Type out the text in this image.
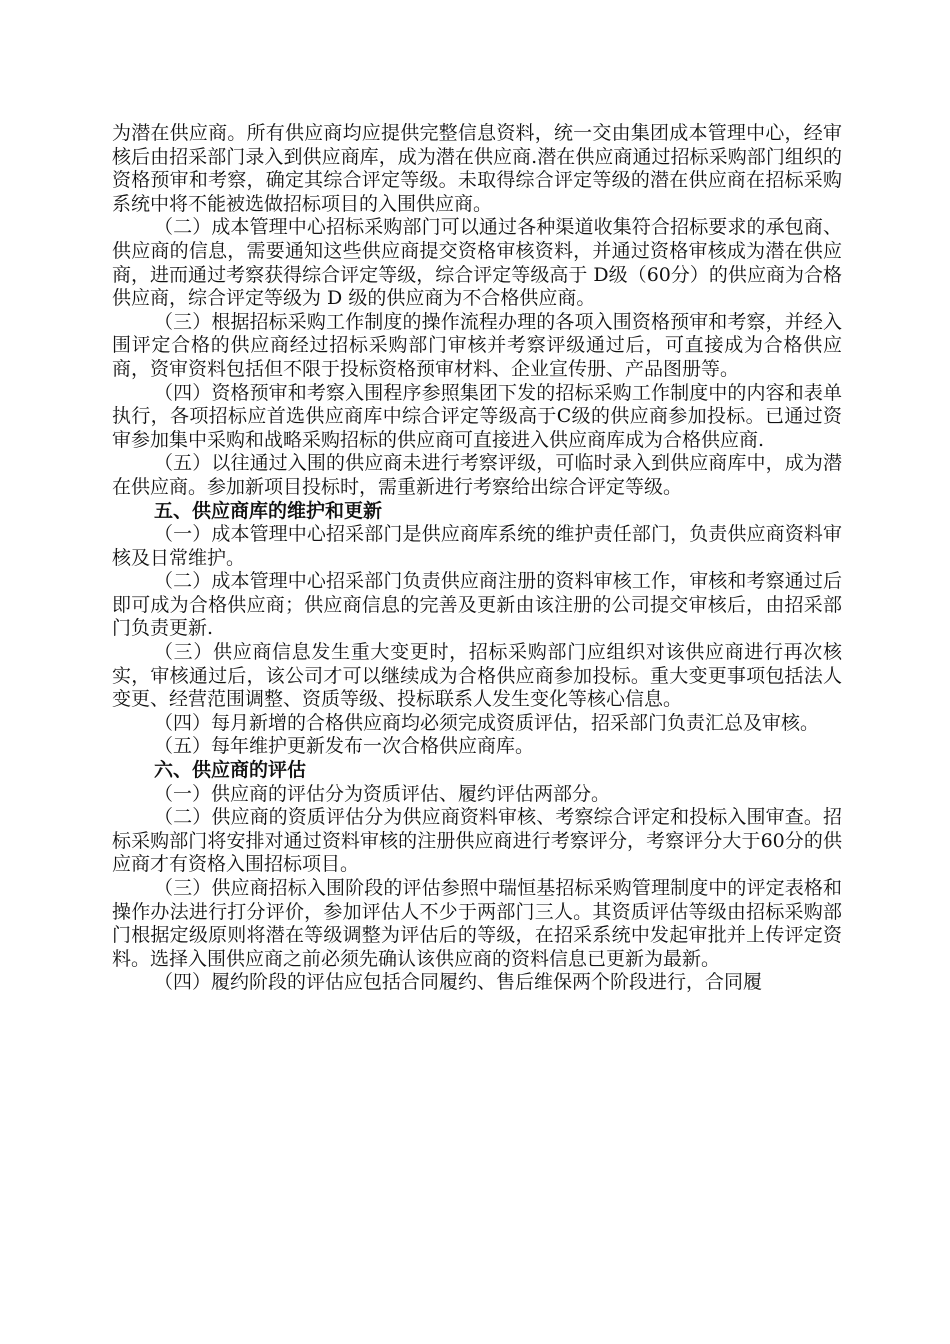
为潜在供应商。所有供应商均应提供完整信息资料，统一交由集团成本管理中心，经审核后由招采部门录入到供应商库，成为潜在供应商.潜在供应商通过招标采购部门组织的资格预审和考察，确定其综合评定等级。未取得综合评定等级的潜在供应商在招标采购系统中将不能被选做招标项目的入围供应商。

（二）成本管理中心招标采购部门可以通过各种渠道收集符合招标要求的承包商、供应商的信息，需要通知这些供应商提交资格审核资料，并通过资格审核成为潜在供应商，进而通过考察获得综合评定等级，综合评定等级高于 D级（60分）的供应商为合格供应商，综合评定等级为 D 级的供应商为不合格供应商。

（三）根据招标采购工作制度的操作流程办理的各项入围资格预审和考察，并经入围评定合格的供应商经过招标采购部门审核并考察评级通过后，可直接成为合格供应商，资审资料包括但不限于投标资格预审材料、企业宣传册、产品图册等。

（四）资格预审和考察入围程序参照集团下发的招标采购工作制度中的内容和表单执行，各项招标应首选供应商库中综合评定等级高于C级的供应商参加投标。已通过资审参加集中采购和战略采购招标的供应商可直接进入供应商库成为合格供应商.

（五）以往通过入围的供应商未进行考察评级，可临时录入到供应商库中，成为潜在供应商。参加新项目投标时，需重新进行考察给出综合评定等级。

五、供应商库的维护和更新

（一）成本管理中心招采部门是供应商库系统的维护责任部门，负责供应商资料审核及日常维护。

（二）成本管理中心招采部门负责供应商注册的资料审核工作，审核和考察通过后即可成为合格供应商；供应商信息的完善及更新由该注册的公司提交审核后，由招采部门负责更新.

（三）供应商信息发生重大变更时，招标采购部门应组织对该供应商进行再次核实，审核通过后，该公司才可以继续成为合格供应商参加投标。重大变更事项包括法人变更、经营范围调整、资质等级、投标联系人发生变化等核心信息。

（四）每月新增的合格供应商均必须完成资质评估，招采部门负责汇总及审核。

（五）每年维护更新发布一次合格供应商库。

六、供应商的评估

（一）供应商的评估分为资质评估、履约评估两部分。

（二）供应商的资质评估分为供应商资料审核、考察综合评定和投标入围审查。招标采购部门将安排对通过资料审核的注册供应商进行考察评分，考察评分大于60分的供应商才有资格入围招标项目。

（三）供应商招标入围阶段的评估参照中瑞恒基招标采购管理制度中的评定表格和操作办法进行打分评价，参加评估人不少于两部门三人。其资质评估等级由招标采购部门根据定级原则将潜在等级调整为评估后的等级，在招采系统中发起审批并上传评定资料。选择入围供应商之前必须先确认该供应商的资料信息已更新为最新。

（四）履约阶段的评估应包括合同履约、售后维保两个阶段进行，合同履
